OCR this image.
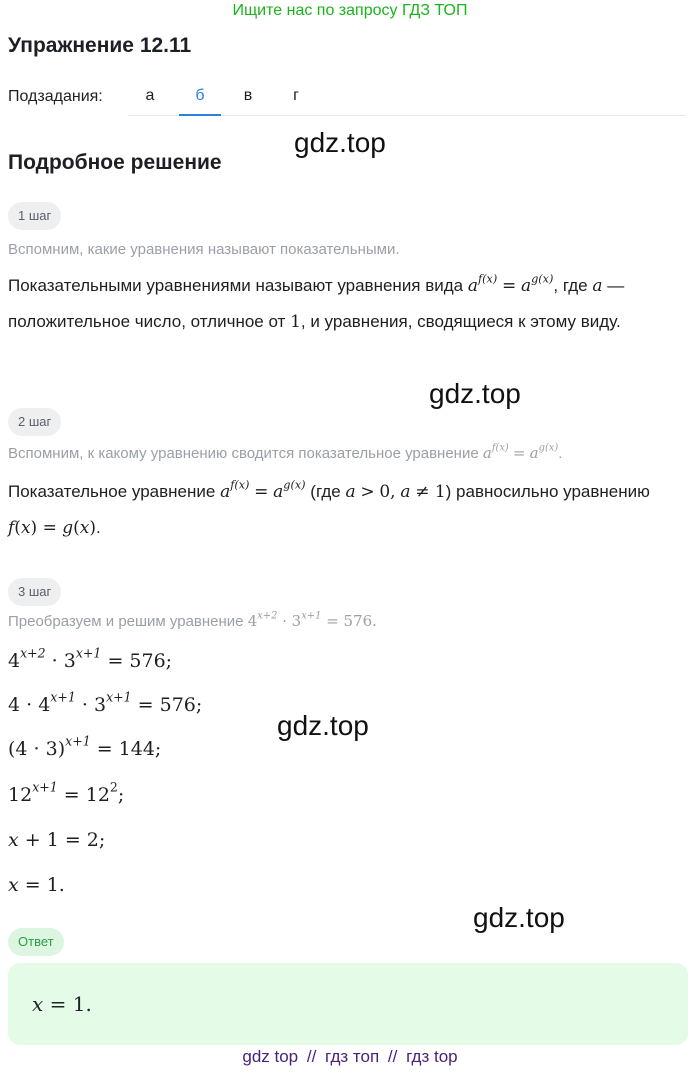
Ищите нас по запросу ГДЗ ТОП
Упражнение 12.11
Подзадания:	а	б	в	г
Подробное решение
gdz.top
gdz.top
gdz.top
gdz.top
1 шаг
Вспомним, какие уравнения называют показательными.
Показательными уравнениями называют уравнения вида $a^{f(x)} = a^{g(x)}$, где a — положительное число, отличное от 1, и уравнения, сводящиеся к этому виду.
2 шаг
Вспомним, к какому уравнению сводится показательное уравнение $a^{f(x)} = a^{g(x)}$.
Показательное уравнение $a^{f(x)} = a^{g(x)}$ (где a > 0, a ≠ 1) равносильно уравнению f(x) = g(x).
3 шаг
Преобразуем и решим уравнение $4^{x+2} \cdot 3^{x+1} = 576$.
$4^{x+2} \cdot 3^{x+1} = 576$;
$4 \cdot 4^{x+1} \cdot 3^{x+1} = 576$;
$(4 \cdot 3)^{x+1} = 144$;
$12^{x+1} = 12^2$;
x + 1 = 2;
x = 1.
Ответ
x = 1.
gdz top // гдз топ // гдз top
